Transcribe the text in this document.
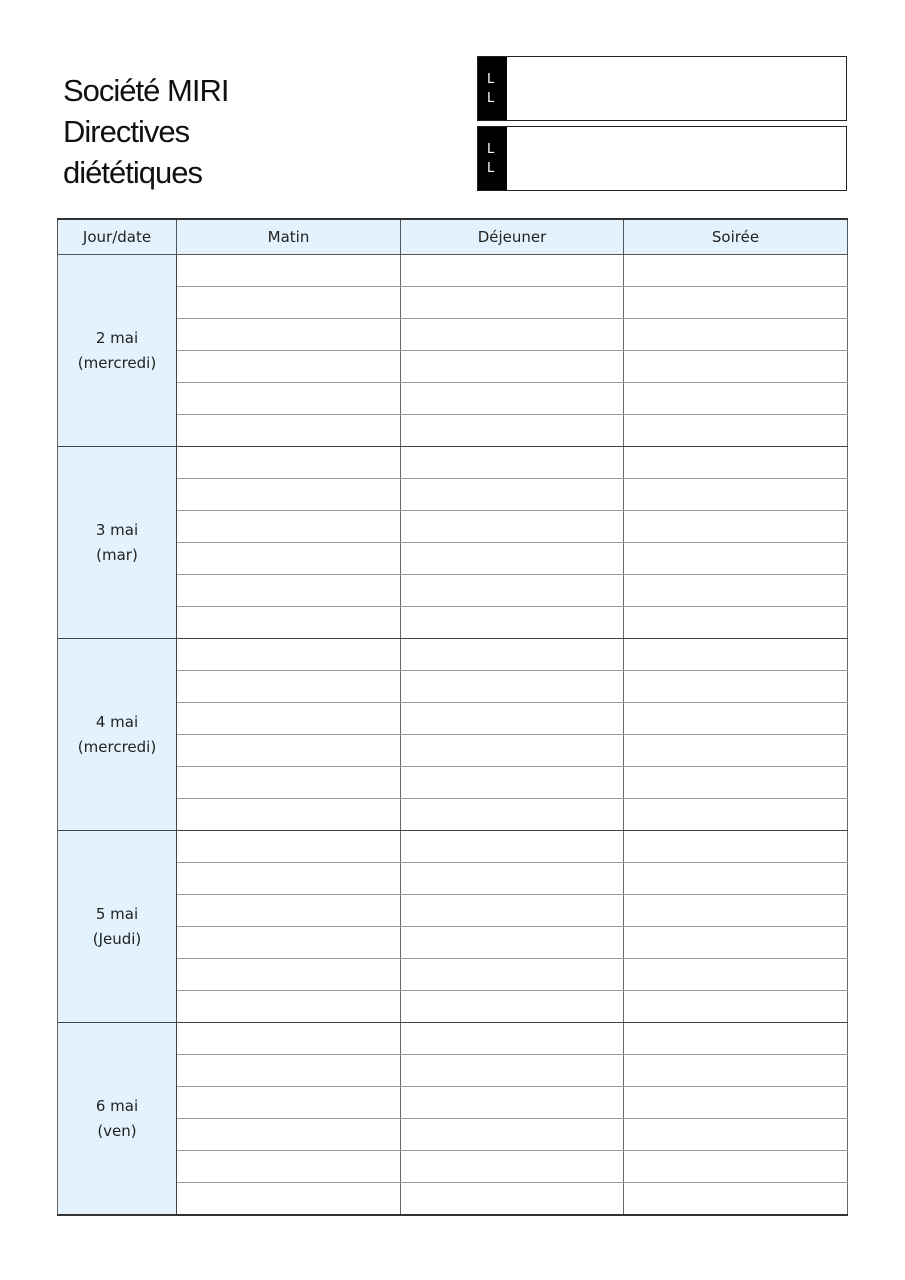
Société MIRI
Directives
diététiques
L
L
L
L
Jour/date	Matin	Déjeuner	Soirée

2 mai
(mercredi)			

3 mai
(mar)			

4 mai
(mercredi)			

5 mai
(Jeudi)			

6 mai
(ven)			
